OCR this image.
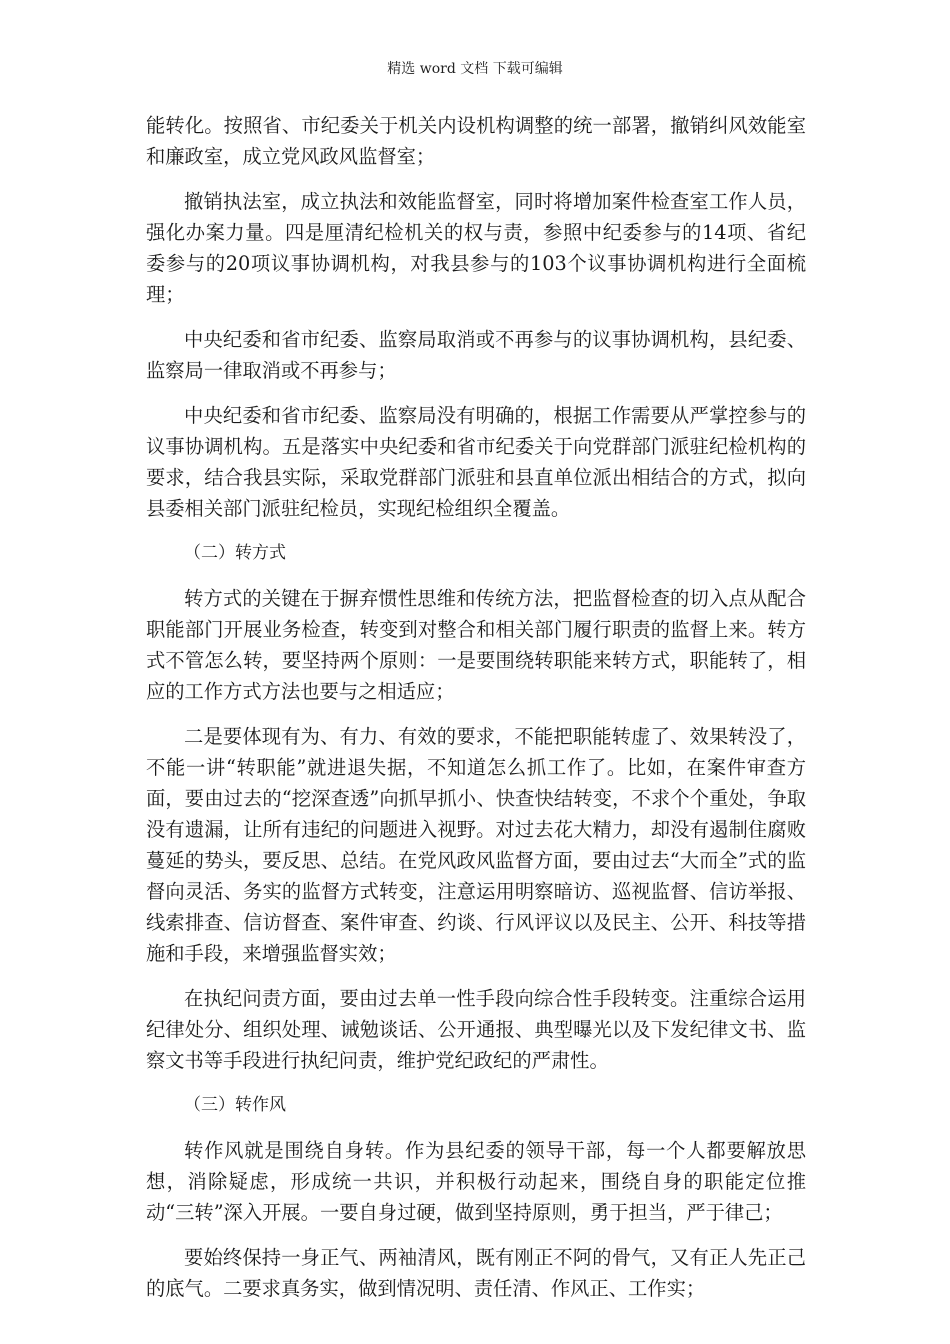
精选 word 文档 下载可编辑

能转化。按照省、市纪委关于机关内设机构调整的统一部署，撤销纠风效能室和廉政室，成立党风政风监督室；

撤销执法室，成立执法和效能监督室，同时将增加案件检查室工作人员，强化办案力量。四是厘清纪检机关的权与责，参照中纪委参与的14项、省纪委参与的20项议事协调机构，对我县参与的103个议事协调机构进行全面梳理；

中央纪委和省市纪委、监察局取消或不再参与的议事协调机构，县纪委、监察局一律取消或不再参与；

中央纪委和省市纪委、监察局没有明确的，根据工作需要从严掌控参与的议事协调机构。五是落实中央纪委和省市纪委关于向党群部门派驻纪检机构的要求，结合我县实际，采取党群部门派驻和县直单位派出相结合的方式，拟向县委相关部门派驻纪检员，实现纪检组织全覆盖。

（二）转方式

转方式的关键在于摒弃惯性思维和传统方法，把监督检查的切入点从配合职能部门开展业务检查，转变到对整合和相关部门履行职责的监督上来。转方式不管怎么转，要坚持两个原则：一是要围绕转职能来转方式，职能转了，相应的工作方式方法也要与之相适应；

二是要体现有为、有力、有效的要求，不能把职能转虚了、效果转没了，不能一讲“转职能”就进退失据，不知道怎么抓工作了。比如，在案件审查方面，要由过去的“挖深查透”向抓早抓小、快查快结转变，不求个个重处，争取没有遗漏，让所有违纪的问题进入视野。对过去花大精力，却没有遏制住腐败蔓延的势头，要反思、总结。在党风政风监督方面，要由过去“大而全”式的监督向灵活、务实的监督方式转变，注意运用明察暗访、巡视监督、信访举报、线索排查、信访督查、案件审查、约谈、行风评议以及民主、公开、科技等措施和手段，来增强监督实效；

在执纪问责方面，要由过去单一性手段向综合性手段转变。注重综合运用纪律处分、组织处理、诫勉谈话、公开通报、典型曝光以及下发纪律文书、监察文书等手段进行执纪问责，维护党纪政纪的严肃性。

（三）转作风

转作风就是围绕自身转。作为县纪委的领导干部，每一个人都要解放思想，消除疑虑，形成统一共识，并积极行动起来，围绕自身的职能定位推动“三转”深入开展。一要自身过硬，做到坚持原则，勇于担当，严于律己；

要始终保持一身正气、两袖清风，既有刚正不阿的骨气，又有正人先正己的底气。二要求真务实，做到情况明、责任清、作风正、工作实；
